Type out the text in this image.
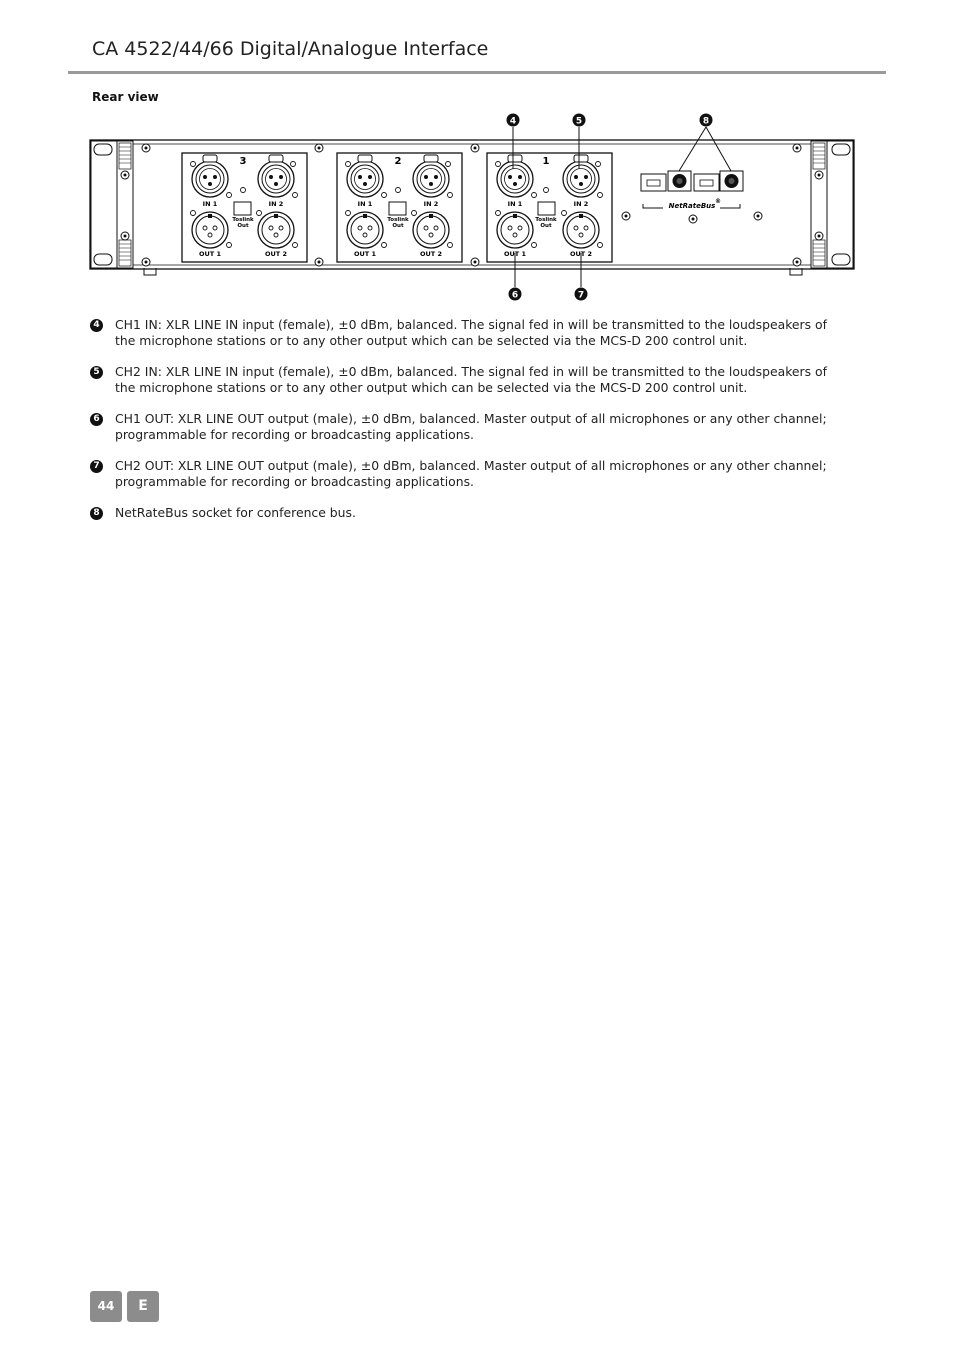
CA 4522/44/66 Digital/Analogue Interface
Rear view
3
Toslink
Out
IN 1	IN 2
OUT 1	OUT 2
2
Toslink
Out
IN 1	IN 2
OUT 1	OUT 2
1
Toslink
Out
IN 1	IN 2
OUT 1	OUT 2
NetRateBus
®
4	5	8
6	7
4 CH1 IN: XLR LINE IN input (female), ±0 dBm, balanced. The signal fed in will be transmitted to the loudspeakers of the microphone stations or to any other output which can be selected via the MCS-D 200 control unit.
5 CH2 IN: XLR LINE IN input (female), ±0 dBm, balanced. The signal fed in will be transmitted to the loudspeakers of the microphone stations or to any other output which can be selected via the MCS-D 200 control unit.
6 CH1 OUT: XLR LINE OUT output (male), ±0 dBm, balanced. Master output of all microphones or any other channel; programmable for recording or broadcasting applications.
7 CH2 OUT: XLR LINE OUT output (male), ±0 dBm, balanced. Master output of all microphones or any other channel; programmable for recording or broadcasting applications.
8 NetRateBus socket for conference bus.
44	E
